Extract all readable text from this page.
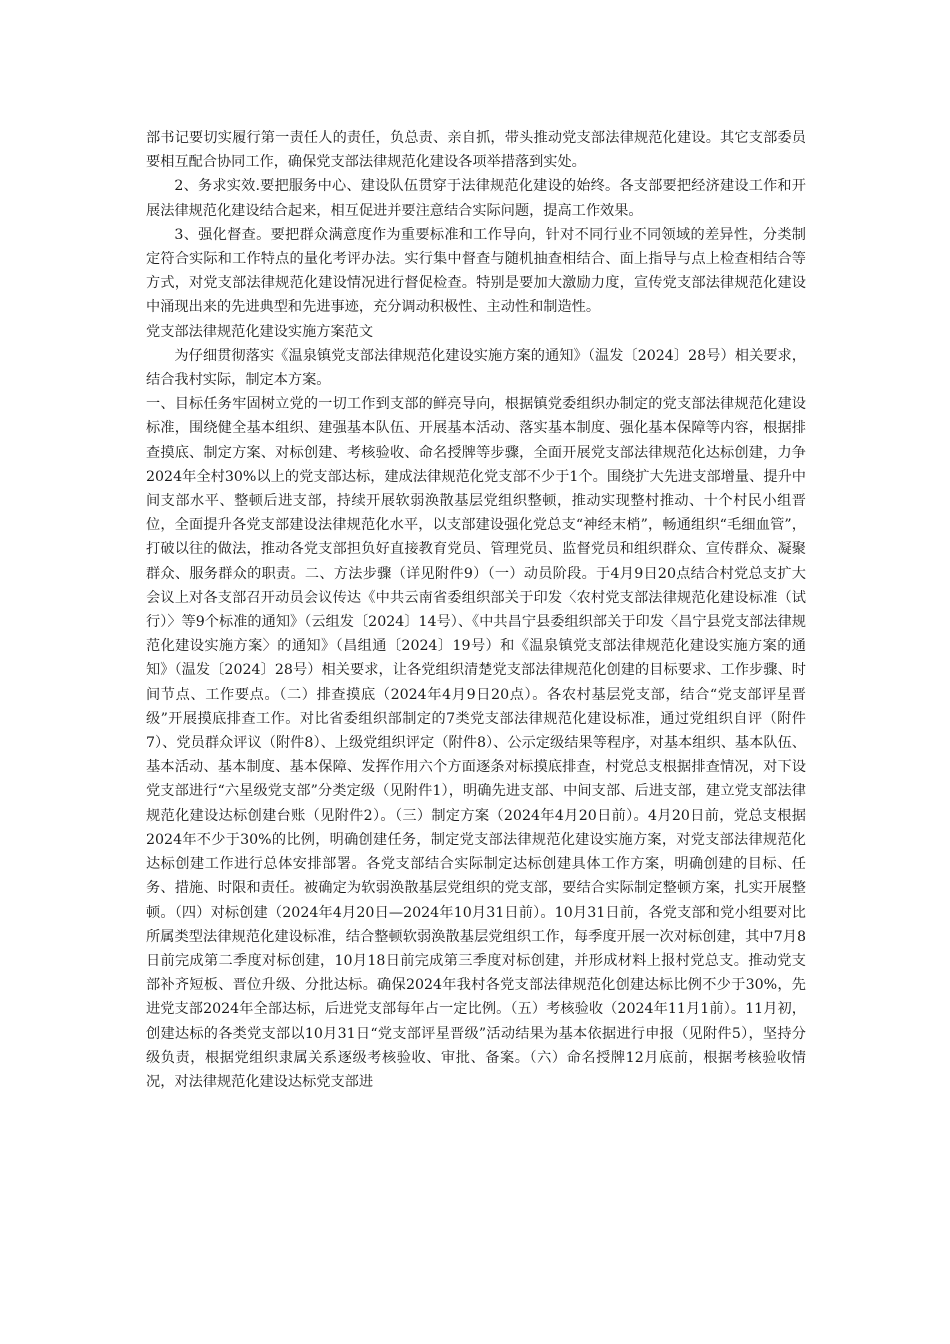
部书记要切实履行第一责任人的责任，负总责、亲自抓，带头推动党支部法律规范化建设。其它支部委员要相互配合协同工作，确保党支部法律规范化建设各项举措落到实处。

2、务求实效.要把服务中心、建设队伍贯穿于法律规范化建设的始终。各支部要把经济建设工作和开展法律规范化建设结合起来，相互促进并要注意结合实际问题，提高工作效果。

3、强化督查。要把群众满意度作为重要标准和工作导向，针对不同行业不同领域的差异性，分类制定符合实际和工作特点的量化考评办法。实行集中督查与随机抽查相结合、面上指导与点上检查相结合等方式，对党支部法律规范化建设情况进行督促检查。特别是要加大激励力度，宣传党支部法律规范化建设中涌现出来的先进典型和先进事迹，充分调动积极性、主动性和制造性。

党支部法律规范化建设实施方案范文

为仔细贯彻落实《温泉镇党支部法律规范化建设实施方案的通知》（温发〔2024〕28号）相关要求，结合我村实际，制定本方案。

一、目标任务牢固树立党的一切工作到支部的鲜亮导向，根据镇党委组织办制定的党支部法律规范化建设标准，围绕健全基本组织、建强基本队伍、开展基本活动、落实基本制度、强化基本保障等内容，根据排查摸底、制定方案、对标创建、考核验收、命名授牌等步骤，全面开展党支部法律规范化达标创建，力争2024年全村30%以上的党支部达标，建成法律规范化党支部不少于1个。围绕扩大先进支部增量、提升中间支部水平、整顿后进支部，持续开展软弱涣散基层党组织整顿，推动实现整村推动、十个村民小组晋位，全面提升各党支部建设法律规范化水平，以支部建设强化党总支“神经末梢”，畅通组织“毛细血管”，打破以往的做法，推动各党支部担负好直接教育党员、管理党员、监督党员和组织群众、宣传群众、凝聚群众、服务群众的职责。二、方法步骤（详见附件9）（一）动员阶段。于4月9日20点结合村党总支扩大会议上对各支部召开动员会议传达《中共云南省委组织部关于印发〈农村党支部法律规范化建设标准（试行）〉等9个标准的通知》（云组发〔2024〕14号）、《中共昌宁县委组织部关于印发〈昌宁县党支部法律规范化建设实施方案〉的通知》（昌组通〔2024〕19号）和《温泉镇党支部法律规范化建设实施方案的通知》（温发〔2024〕28号）相关要求，让各党组织清楚党支部法律规范化创建的目标要求、工作步骤、时间节点、工作要点。（二）排查摸底（2024年4月9日20点）。各农村基层党支部，结合“党支部评星晋级”开展摸底排查工作。对比省委组织部制定的7类党支部法律规范化建设标准，通过党组织自评（附件7）、党员群众评议（附件8）、上级党组织评定（附件8）、公示定级结果等程序，对基本组织、基本队伍、基本活动、基本制度、基本保障、发挥作用六个方面逐条对标摸底排查，村党总支根据排查情况，对下设党支部进行“六星级党支部”分类定级（见附件1），明确先进支部、中间支部、后进支部，建立党支部法律规范化建设达标创建台账（见附件2）。（三）制定方案（2024年4月20日前）。4月20日前，党总支根据2024年不少于30%的比例，明确创建任务，制定党支部法律规范化建设实施方案，对党支部法律规范化达标创建工作进行总体安排部署。各党支部结合实际制定达标创建具体工作方案，明确创建的目标、任务、措施、时限和责任。被确定为软弱涣散基层党组织的党支部，要结合实际制定整顿方案，扎实开展整顿。（四）对标创建（2024年4月20日—2024年10月31日前）。10月31日前，各党支部和党小组要对比所属类型法律规范化建设标准，结合整顿软弱涣散基层党组织工作，每季度开展一次对标创建，其中7月8日前完成第二季度对标创建，10月18日前完成第三季度对标创建，并形成材料上报村党总支。推动党支部补齐短板、晋位升级、分批达标。确保2024年我村各党支部法律规范化创建达标比例不少于30%，先进党支部2024年全部达标，后进党支部每年占一定比例。（五）考核验收（2024年11月1前）。11月初，创建达标的各类党支部以10月31日“党支部评星晋级”活动结果为基本依据进行申报（见附件5），坚持分级负责，根据党组织隶属关系逐级考核验收、审批、备案。（六）命名授牌12月底前，根据考核验收情况，对法律规范化建设达标党支部进
